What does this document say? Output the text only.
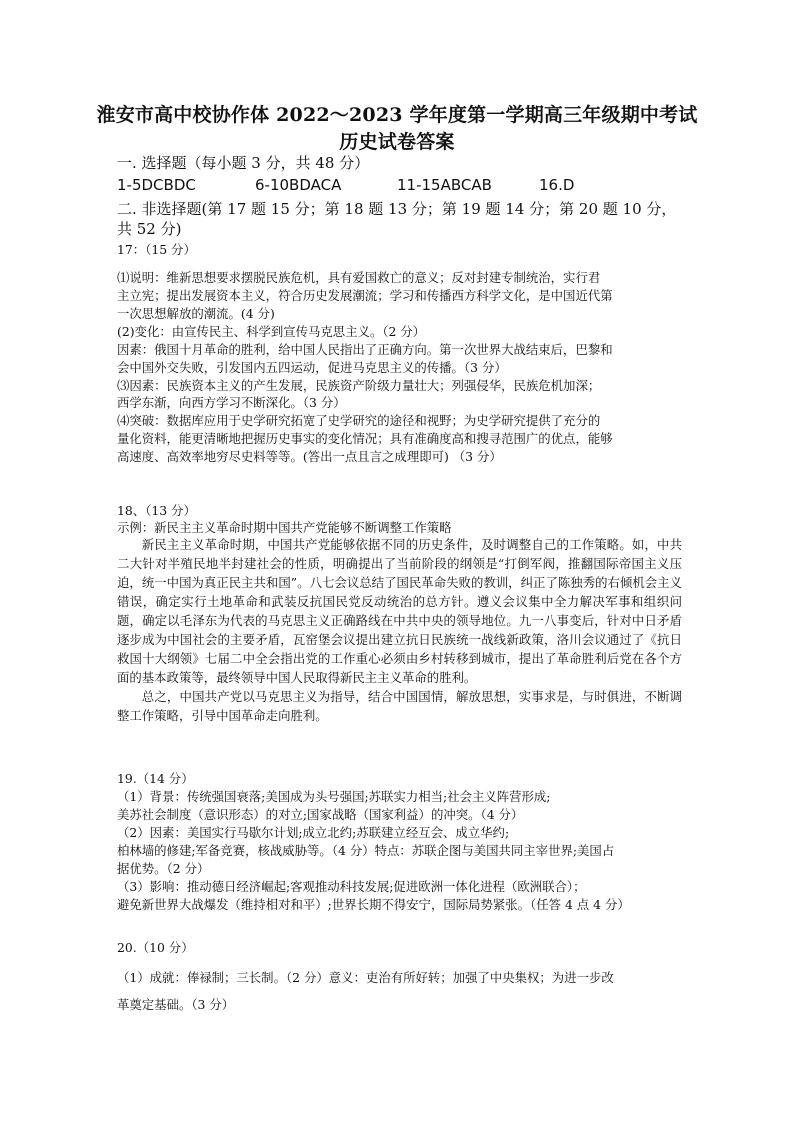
淮安市高中校协作体 2022～2023 学年度第一学期高三年级期中考试
历史试卷答案
一. 选择题（每小题 3 分，共 48 分）
1-5DCBDC	6-10BDACA	11-15ABCAB	16.D
二. 非选择题(第 17 题 15 分；第 18 题 13 分；第 19 题 14 分；第 20 题 10 分，
共 52 分)
17：（15 分）
⑴说明：维新思想要求摆脱民族危机，具有爱国救亡的意义；反对封建专制统治，实行君
主立宪；提出发展资本主义，符合历史发展潮流；学习和传播西方科学文化，是中国近代第
一次思想解放的潮流。(4 分)
(2)变化：由宣传民主、科学到宣传马克思主义。（2 分）
因素：俄国十月革命的胜利，给中国人民指出了正确方向。第一次世界大战结束后，巴黎和
会中国外交失败，引发国内五四运动，促进马克思主义的传播。（3 分）
⑶因素：民族资本主义的产生发展，民族资产阶级力量壮大；列强侵华，民族危机加深；
西学东渐，向西方学习不断深化。（3 分）
⑷突破：数据库应用于史学研究拓宽了史学研究的途径和视野；为史学研究提供了充分的
量化资料，能更清晰地把握历史事实的变化情况；具有准确度高和搜寻范围广的优点，能够
高速度、高效率地穷尽史料等等。(答出一点且言之成理即可) （3 分）
18、（13 分）
示例：新民主主义革命时期中国共产党能够不断调整工作策略

新民主主义革命时期，中国共产党能够依据不同的历史条件，及时调整自己的工作策略。如，中共二大针对半殖民地半封建社会的性质，明确提出了当前阶段的纲领是“打倒军阀，推翻国际帝国主义压迫，统一中国为真正民主共和国”。八七会议总结了国民革命失败的教训，纠正了陈独秀的右倾机会主义错误，确定实行土地革命和武装反抗国民党反动统治的总方针。遵义会议集中全力解决军事和组织问题，确定以毛泽东为代表的马克思主义正确路线在中共中央的领导地位。九一八事变后，针对中日矛盾逐步成为中国社会的主要矛盾，瓦窑堡会议提出建立抗日民族统一战线新政策，洛川会议通过了《抗日救国十大纲领》七届二中全会指出党的工作重心必须由乡村转移到城市，提出了革命胜利后党在各个方面的基本政策等，最终领导中国人民取得新民主主义革命的胜利。

总之，中国共产党以马克思主义为指导，结合中国国情，解放思想，实事求是，与时俱进，不断调整工作策略，引导中国革命走向胜利。

19.（14 分）
（1）背景：传统强国衰落;美国成为头号强国;苏联实力相当;社会主义阵营形成;
美苏社会制度（意识形态）的对立;国家战略（国家利益）的冲突。（4 分）
（2）因素：美国实行马歇尔计划;成立北约;苏联建立经互会、成立华约;
柏林墙的修建;军备竞赛，核战威胁等。（4 分）特点：苏联企图与美国共同主宰世界;美国占
据优势。（2 分）
（3）影响：推动德日经济崛起;客观推动科技发展;促进欧洲一体化进程（欧洲联合）；
避免新世界大战爆发（维持相对和平）;世界长期不得安宁，国际局势紧张。（任答 4 点 4 分）
20.（10 分）
（1）成就：俸禄制；三长制。（2 分）意义：吏治有所好转；加强了中央集权；为进一步改
革奠定基础。（3 分）
